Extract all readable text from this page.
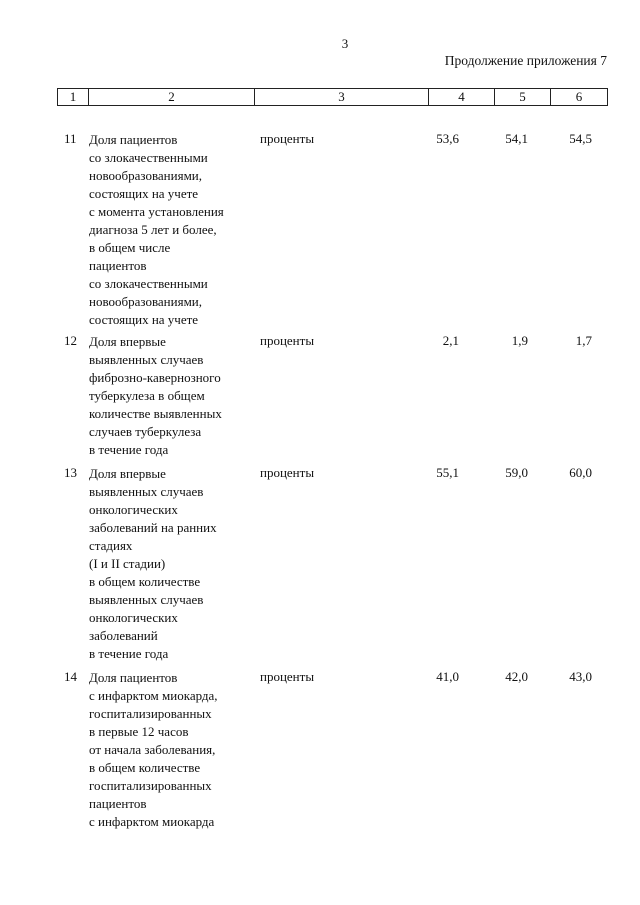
3
Продолжение приложения 7
1	2	3	4	5	6
11 Доля пациентов
со злокачественными
новообразованиями,
состоящих на учете
с момента установления
диагноза 5 лет и более,
в общем числе
пациентов
со злокачественными
новообразованиями,
состоящих на учете
проценты	53,6	54,1	54,5
12 Доля впервые
выявленных случаев
фиброзно-кавернозного
туберкулеза в общем
количестве выявленных
случаев туберкулеза
в течение года
проценты	2,1	1,9	1,7
13 Доля впервые
выявленных случаев
онкологических
заболеваний на ранних
стадиях
(I и II стадии)
в общем количестве
выявленных случаев
онкологических
заболеваний
в течение года
проценты	55,1	59,0	60,0
14 Доля пациентов
с инфарктом миокарда,
госпитализированных
в первые 12 часов
от начала заболевания,
в общем количестве
госпитализированных
пациентов
с инфарктом миокарда
проценты	41,0	42,0	43,0
